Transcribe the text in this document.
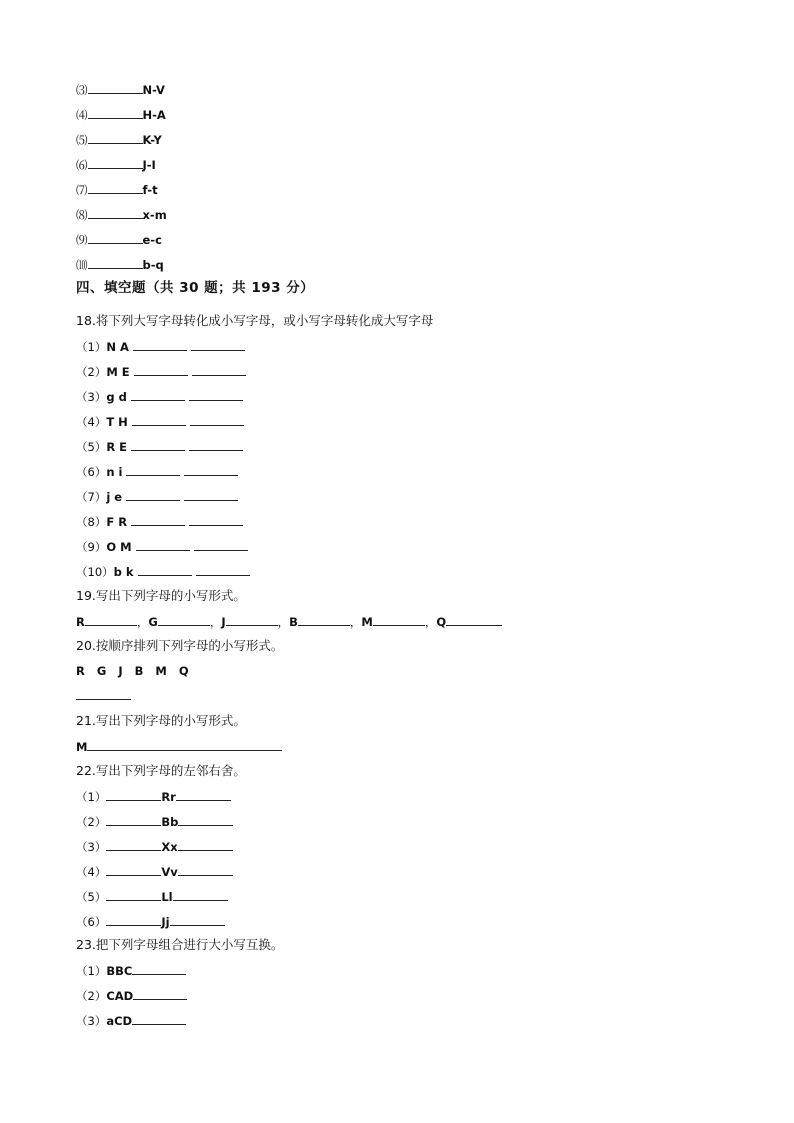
⑶	N-V
⑷	H-A
⑸	K-Y
⑹	J-I
⑺	f-t
⑻	x-m
⑼	e-c
⑽	b-q
四、填空题（共 30 题；共 193 分）
18.将下列大写字母转化成小写字母，或小写字母转化成大写字母
（1）N A
（2）M E
（3）g d
（4）T H
（5）R E
（6）n i
（7）j e
（8）F R
（9）O M
（10）b k
19.写出下列字母的小写形式。
R	，G	，J	，B	，M	，Q
20.按顺序排列下列字母的小写形式。
R   G   J   B   M   Q
21.写出下列字母的小写形式。
M
22.写出下列字母的左邻右舍。
（1）	Rr
（2）	Bb
（3）	Xx
（4）	Vv
（5）	Ll
（6）	Jj
23.把下列字母组合进行大小写互换。
（1）BBC
（2）CAD
（3）aCD
